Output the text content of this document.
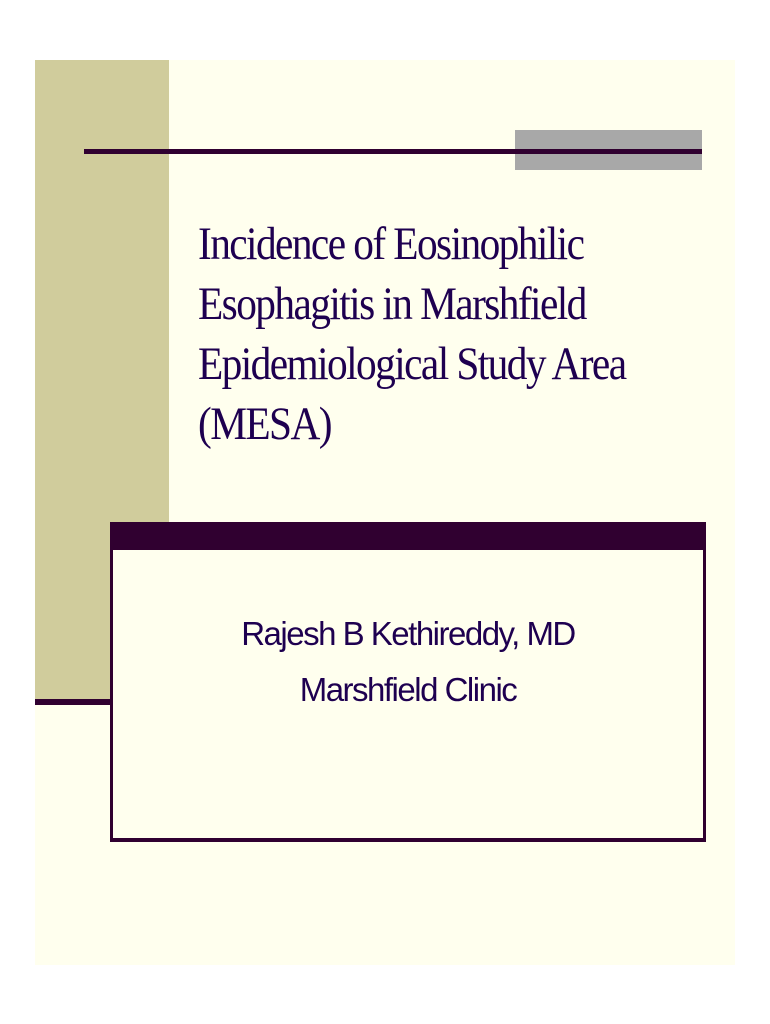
Incidence of Eosinophilic
Esophagitis in Marshfield
Epidemiological Study Area
(MESA)
Rajesh B Kethireddy, MD
Marshfield Clinic
